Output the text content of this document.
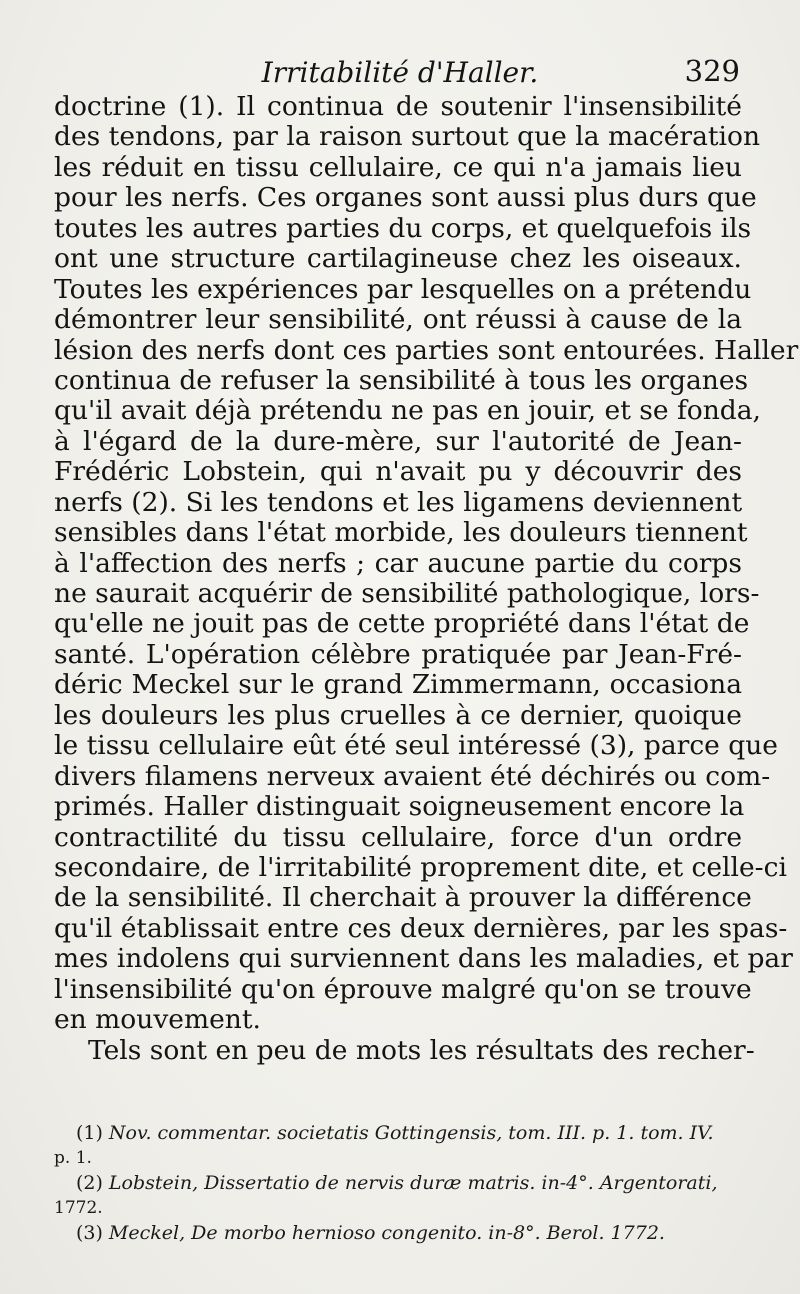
Irritabilité d'Haller.	329
doctrine (1). Il continua de soutenir l'insensibilité
des tendons, par la raison surtout que la macération
les réduit en tissu cellulaire, ce qui n'a jamais lieu
pour les nerfs. Ces organes sont aussi plus durs que
toutes les autres parties du corps, et quelquefois ils
ont une structure cartilagineuse chez les oiseaux.
Toutes les expériences par lesquelles on a prétendu
démontrer leur sensibilité, ont réussi à cause de la
lésion des nerfs dont ces parties sont entourées. Haller
continua de refuser la sensibilité à tous les organes
qu'il avait déjà prétendu ne pas en jouir, et se fonda,
à l'égard de la dure-mère, sur l'autorité de Jean-
Frédéric Lobstein, qui n'avait pu y découvrir des
nerfs (2). Si les tendons et les ligamens deviennent
sensibles dans l'état morbide, les douleurs tiennent
à l'affection des nerfs ; car aucune partie du corps
ne saurait acquérir de sensibilité pathologique, lors-
qu'elle ne jouit pas de cette propriété dans l'état de
santé. L'opération célèbre pratiquée par Jean-Fré-
déric Meckel sur le grand Zimmermann, occasiona
les douleurs les plus cruelles à ce dernier, quoique
le tissu cellulaire eût été seul intéressé (3), parce que
divers filamens nerveux avaient été déchirés ou com-
primés. Haller distinguait soigneusement encore la
contractilité du tissu cellulaire, force d'un ordre
secondaire, de l'irritabilité proprement dite, et celle-ci
de la sensibilité. Il cherchait à prouver la différence
qu'il établissait entre ces deux dernières, par les spas-
mes indolens qui surviennent dans les maladies, et par
l'insensibilité qu'on éprouve malgré qu'on se trouve
en mouvement.
Tels sont en peu de mots les résultats des recher-
(1) Nov. commentar. societatis Gottingensis, tom. III. p. 1. tom. IV.
p. 1.
(2) Lobstein, Dissertatio de nervis duræ matris. in-4°. Argentorati,
1772.
(3) Meckel, De morbo hernioso congenito. in-8°. Berol. 1772.
